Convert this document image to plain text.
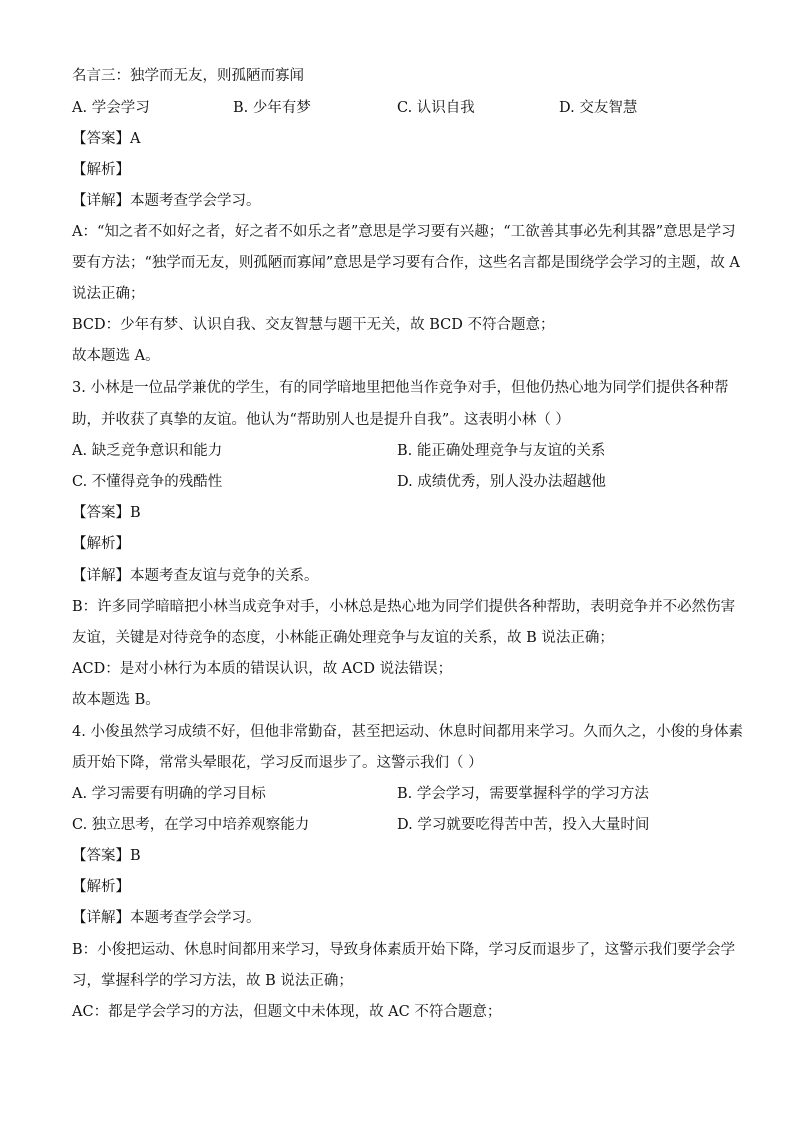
名言三：独学而无友，则孤陋而寡闻
A. 学会学习	B. 少年有梦	C. 认识自我	D. 交友智慧
【答案】A
【解析】
【详解】本题考查学会学习。
A：“知之者不如好之者，好之者不如乐之者”意思是学习要有兴趣；“工欲善其事必先利其器”意思是学习
要有方法；“独学而无友，则孤陋而寡闻”意思是学习要有合作，这些名言都是围绕学会学习的主题，故 A
说法正确；
BCD：少年有梦、认识自我、交友智慧与题干无关，故 BCD 不符合题意；
故本题选 A。
3. 小林是一位品学兼优的学生，有的同学暗地里把他当作竞争对手，但他仍热心地为同学们提供各种帮
助，并收获了真挚的友谊。他认为“帮助别人也是提升自我”。这表明小林（ ）
A. 缺乏竞争意识和能力	B. 能正确处理竞争与友谊的关系
C. 不懂得竞争的残酷性	D. 成绩优秀，别人没办法超越他
【答案】B
【解析】
【详解】本题考查友谊与竞争的关系。
B：许多同学暗暗把小林当成竞争对手，小林总是热心地为同学们提供各种帮助，表明竞争并不必然伤害
友谊，关键是对待竞争的态度，小林能正确处理竞争与友谊的关系，故 B 说法正确；
ACD：是对小林行为本质的错误认识，故 ACD 说法错误；
故本题选 B。
4. 小俊虽然学习成绩不好，但他非常勤奋，甚至把运动、休息时间都用来学习。久而久之，小俊的身体素
质开始下降，常常头晕眼花，学习反而退步了。这警示我们（ ）
A. 学习需要有明确的学习目标	B. 学会学习，需要掌握科学的学习方法
C. 独立思考，在学习中培养观察能力	D. 学习就要吃得苦中苦，投入大量时间
【答案】B
【解析】
【详解】本题考查学会学习。
B：小俊把运动、休息时间都用来学习，导致身体素质开始下降，学习反而退步了，这警示我们要学会学
习，掌握科学的学习方法，故 B 说法正确；
AC：都是学会学习的方法，但题文中未体现，故 AC 不符合题意；
